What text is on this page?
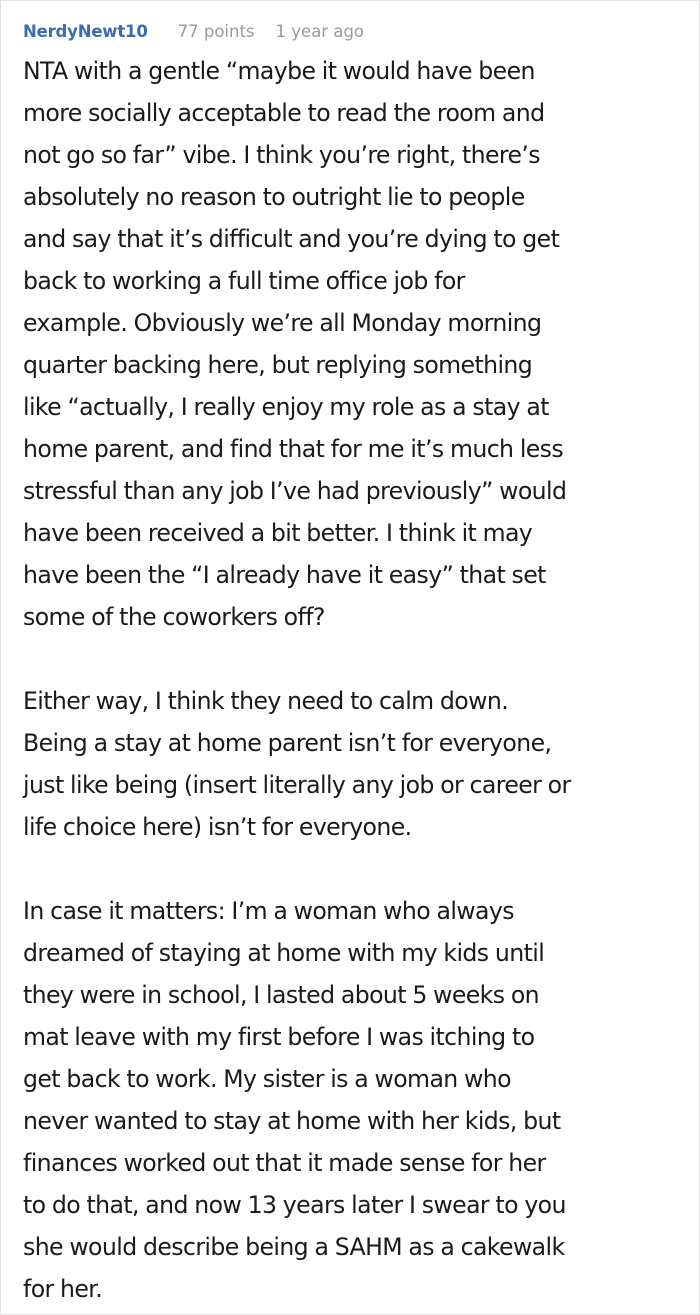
NerdyNewt10 77 points 1 year ago

NTA with a gentle “maybe it would have been
more socially acceptable to read the room and
not go so far” vibe. I think you’re right, there’s
absolutely no reason to outright lie to people
and say that it’s difficult and you’re dying to get
back to working a full time office job for
example. Obviously we’re all Monday morning
quarter backing here, but replying something
like “actually, I really enjoy my role as a stay at
home parent, and find that for me it’s much less
stressful than any job I’ve had previously” would
have been received a bit better. I think it may
have been the “I already have it easy” that set
some of the coworkers off?

Either way, I think they need to calm down.
Being a stay at home parent isn’t for everyone,
just like being (insert literally any job or career or
life choice here) isn’t for everyone.

In case it matters: I’m a woman who always
dreamed of staying at home with my kids until
they were in school, I lasted about 5 weeks on
mat leave with my first before I was itching to
get back to work. My sister is a woman who
never wanted to stay at home with her kids, but
finances worked out that it made sense for her
to do that, and now 13 years later I swear to you
she would describe being a SAHM as a cakewalk
for her.
